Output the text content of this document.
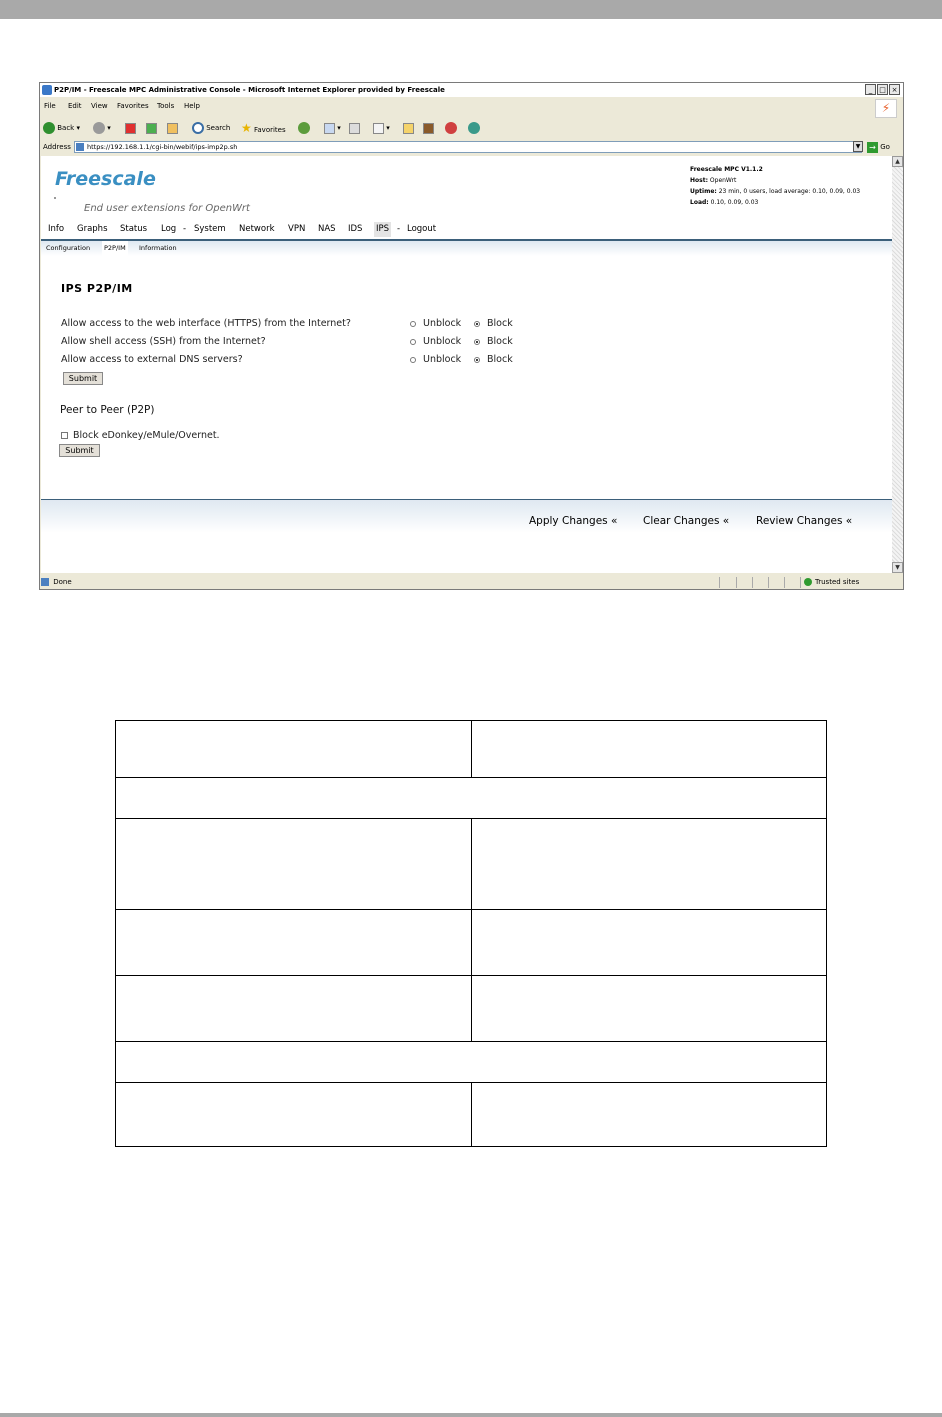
P2P/IM - Freescale MPC Administrative Console - Microsoft Internet Explorer provided by Freescale	_ □ ×
File Edit View Favorites Tools Help	⚡
Back ▾	▾	Search ★ Favorites	▾	▾
Address	https://192.168.1.1/cgi-bin/webif/ips-imp2p.sh	▼	→ Go
Freescale
End user extensions for OpenWrt
Freescale MPC V1.1.2
Host: OpenWrt
Uptime: 23 min, 0 users, load average: 0.10, 0.09, 0.03
Load: 0.10, 0.09, 0.03
Info Graphs Status Log - System Network VPN NAS IDS IPS - Logout
Configuration	P2P/IM	Information
IPS P2P/IM
Allow access to the web interface (HTTPS) from the Internet?	Unblock	Block
Allow shell access (SSH) from the Internet?	Unblock	Block
Allow access to external DNS servers?	Unblock	Block
Submit
Peer to Peer (P2P)
Block eDonkey/eMule/Overnet.
Submit
Apply Changes « Clear Changes «	Review Changes «
▲
▼
Done	Trusted sites
